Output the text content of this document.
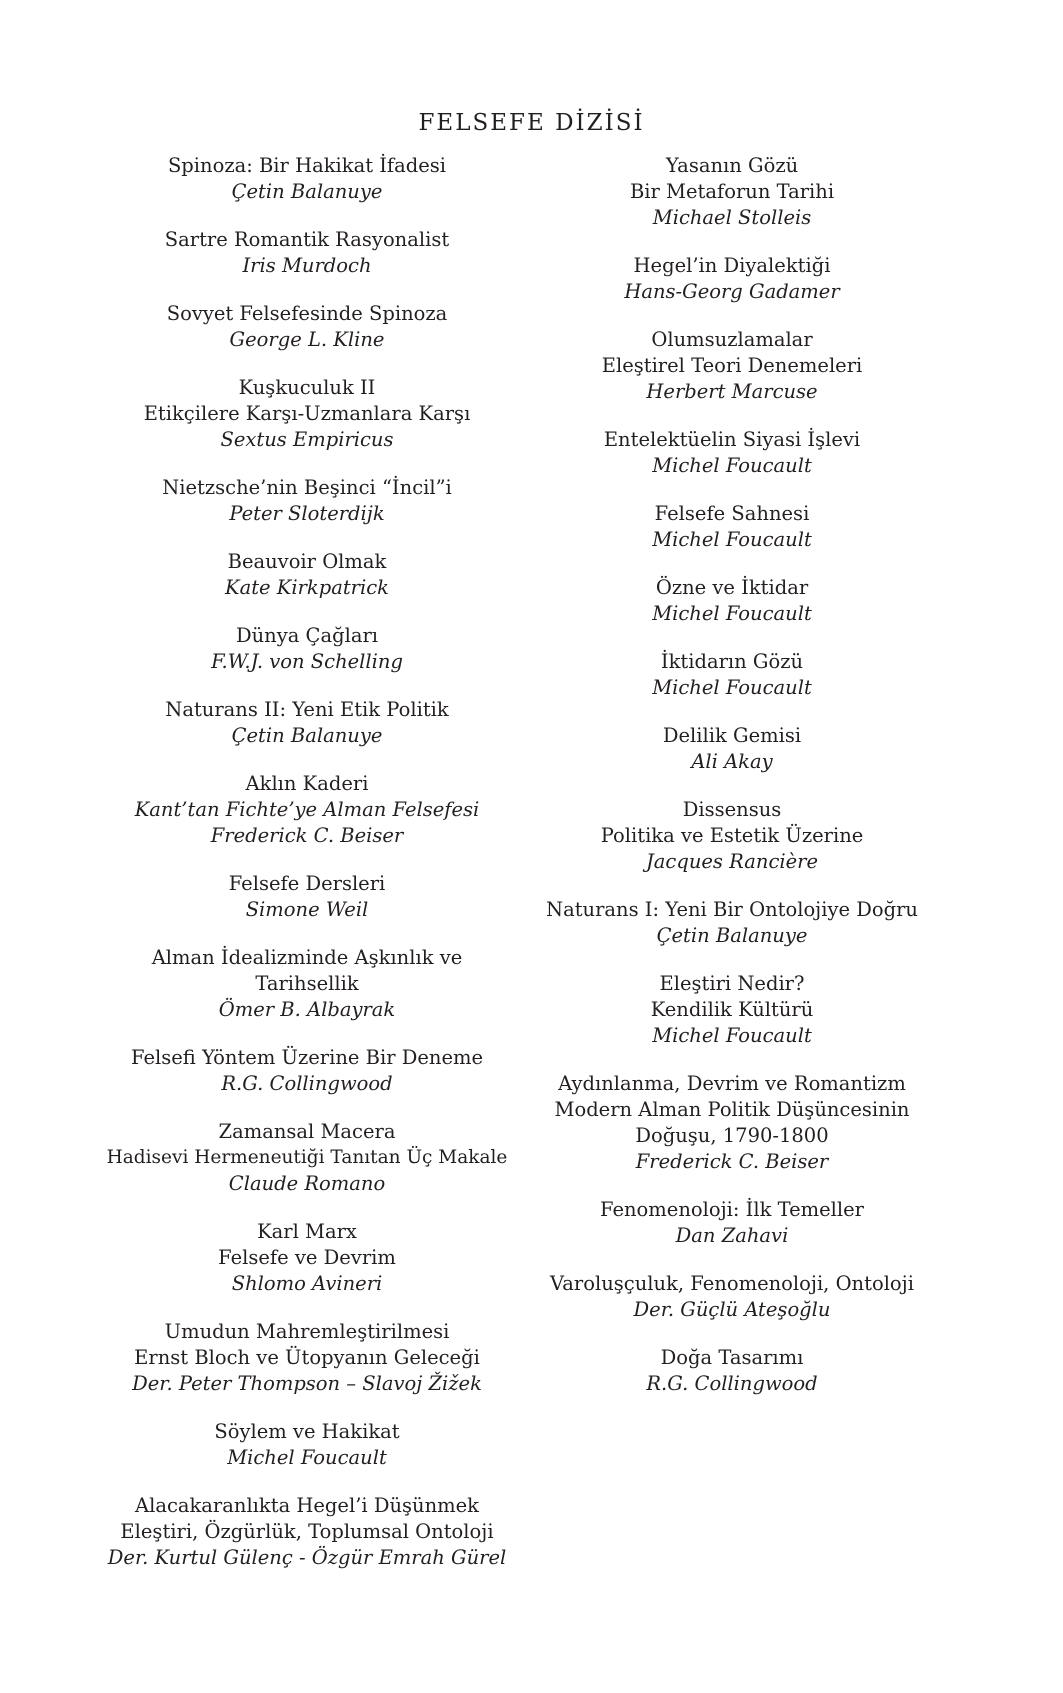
FELSEFE DİZİSİ
Spinoza: Bir Hakikat İfadesi
Çetin Balanuye
Sartre Romantik Rasyonalist
Iris Murdoch
Sovyet Felsefesinde Spinoza
George L. Kline
Kuşkuculuk II
Etikçilere Karşı-Uzmanlara Karşı
Sextus Empiricus
Nietzsche’nin Beşinci “İncil”i
Peter Sloterdijk
Beauvoir Olmak
Kate Kirkpatrick
Dünya Çağları
F.W.J. von Schelling
Naturans II: Yeni Etik Politik
Çetin Balanuye
Aklın Kaderi
Kant’tan Fichte’ye Alman Felsefesi
Frederick C. Beiser
Felsefe Dersleri
Simone Weil
Alman İdealizminde Aşkınlık ve
Tarihsellik
Ömer B. Albayrak
Felsefi Yöntem Üzerine Bir Deneme
R.G. Collingwood
Zamansal Macera
Hadisevi Hermeneutiği Tanıtan Üç Makale
Claude Romano
Karl Marx
Felsefe ve Devrim
Shlomo Avineri
Umudun Mahremleştirilmesi
Ernst Bloch ve Ütopyanın Geleceği
Der. Peter Thompson – Slavoj Žižek
Söylem ve Hakikat
Michel Foucault
Alacakaranlıkta Hegel’i Düşünmek
Eleştiri, Özgürlük, Toplumsal Ontoloji
Der. Kurtul Gülenç - Özgür Emrah Gürel
Yasanın Gözü
Bir Metaforun Tarihi
Michael Stolleis
Hegel’in Diyalektiği
Hans-Georg Gadamer
Olumsuzlamalar
Eleştirel Teori Denemeleri
Herbert Marcuse
Entelektüelin Siyasi İşlevi
Michel Foucault
Felsefe Sahnesi
Michel Foucault
Özne ve İktidar
Michel Foucault
İktidarın Gözü
Michel Foucault
Delilik Gemisi
Ali Akay
Dissensus
Politika ve Estetik Üzerine
Jacques Rancière
Naturans I: Yeni Bir Ontolojiye Doğru
Çetin Balanuye
Eleştiri Nedir?
Kendilik Kültürü
Michel Foucault
Aydınlanma, Devrim ve Romantizm
Modern Alman Politik Düşüncesinin
Doğuşu, 1790-1800
Frederick C. Beiser
Fenomenoloji: İlk Temeller
Dan Zahavi
Varoluşçuluk, Fenomenoloji, Ontoloji
Der. Güçlü Ateşoğlu
Doğa Tasarımı
R.G. Collingwood
